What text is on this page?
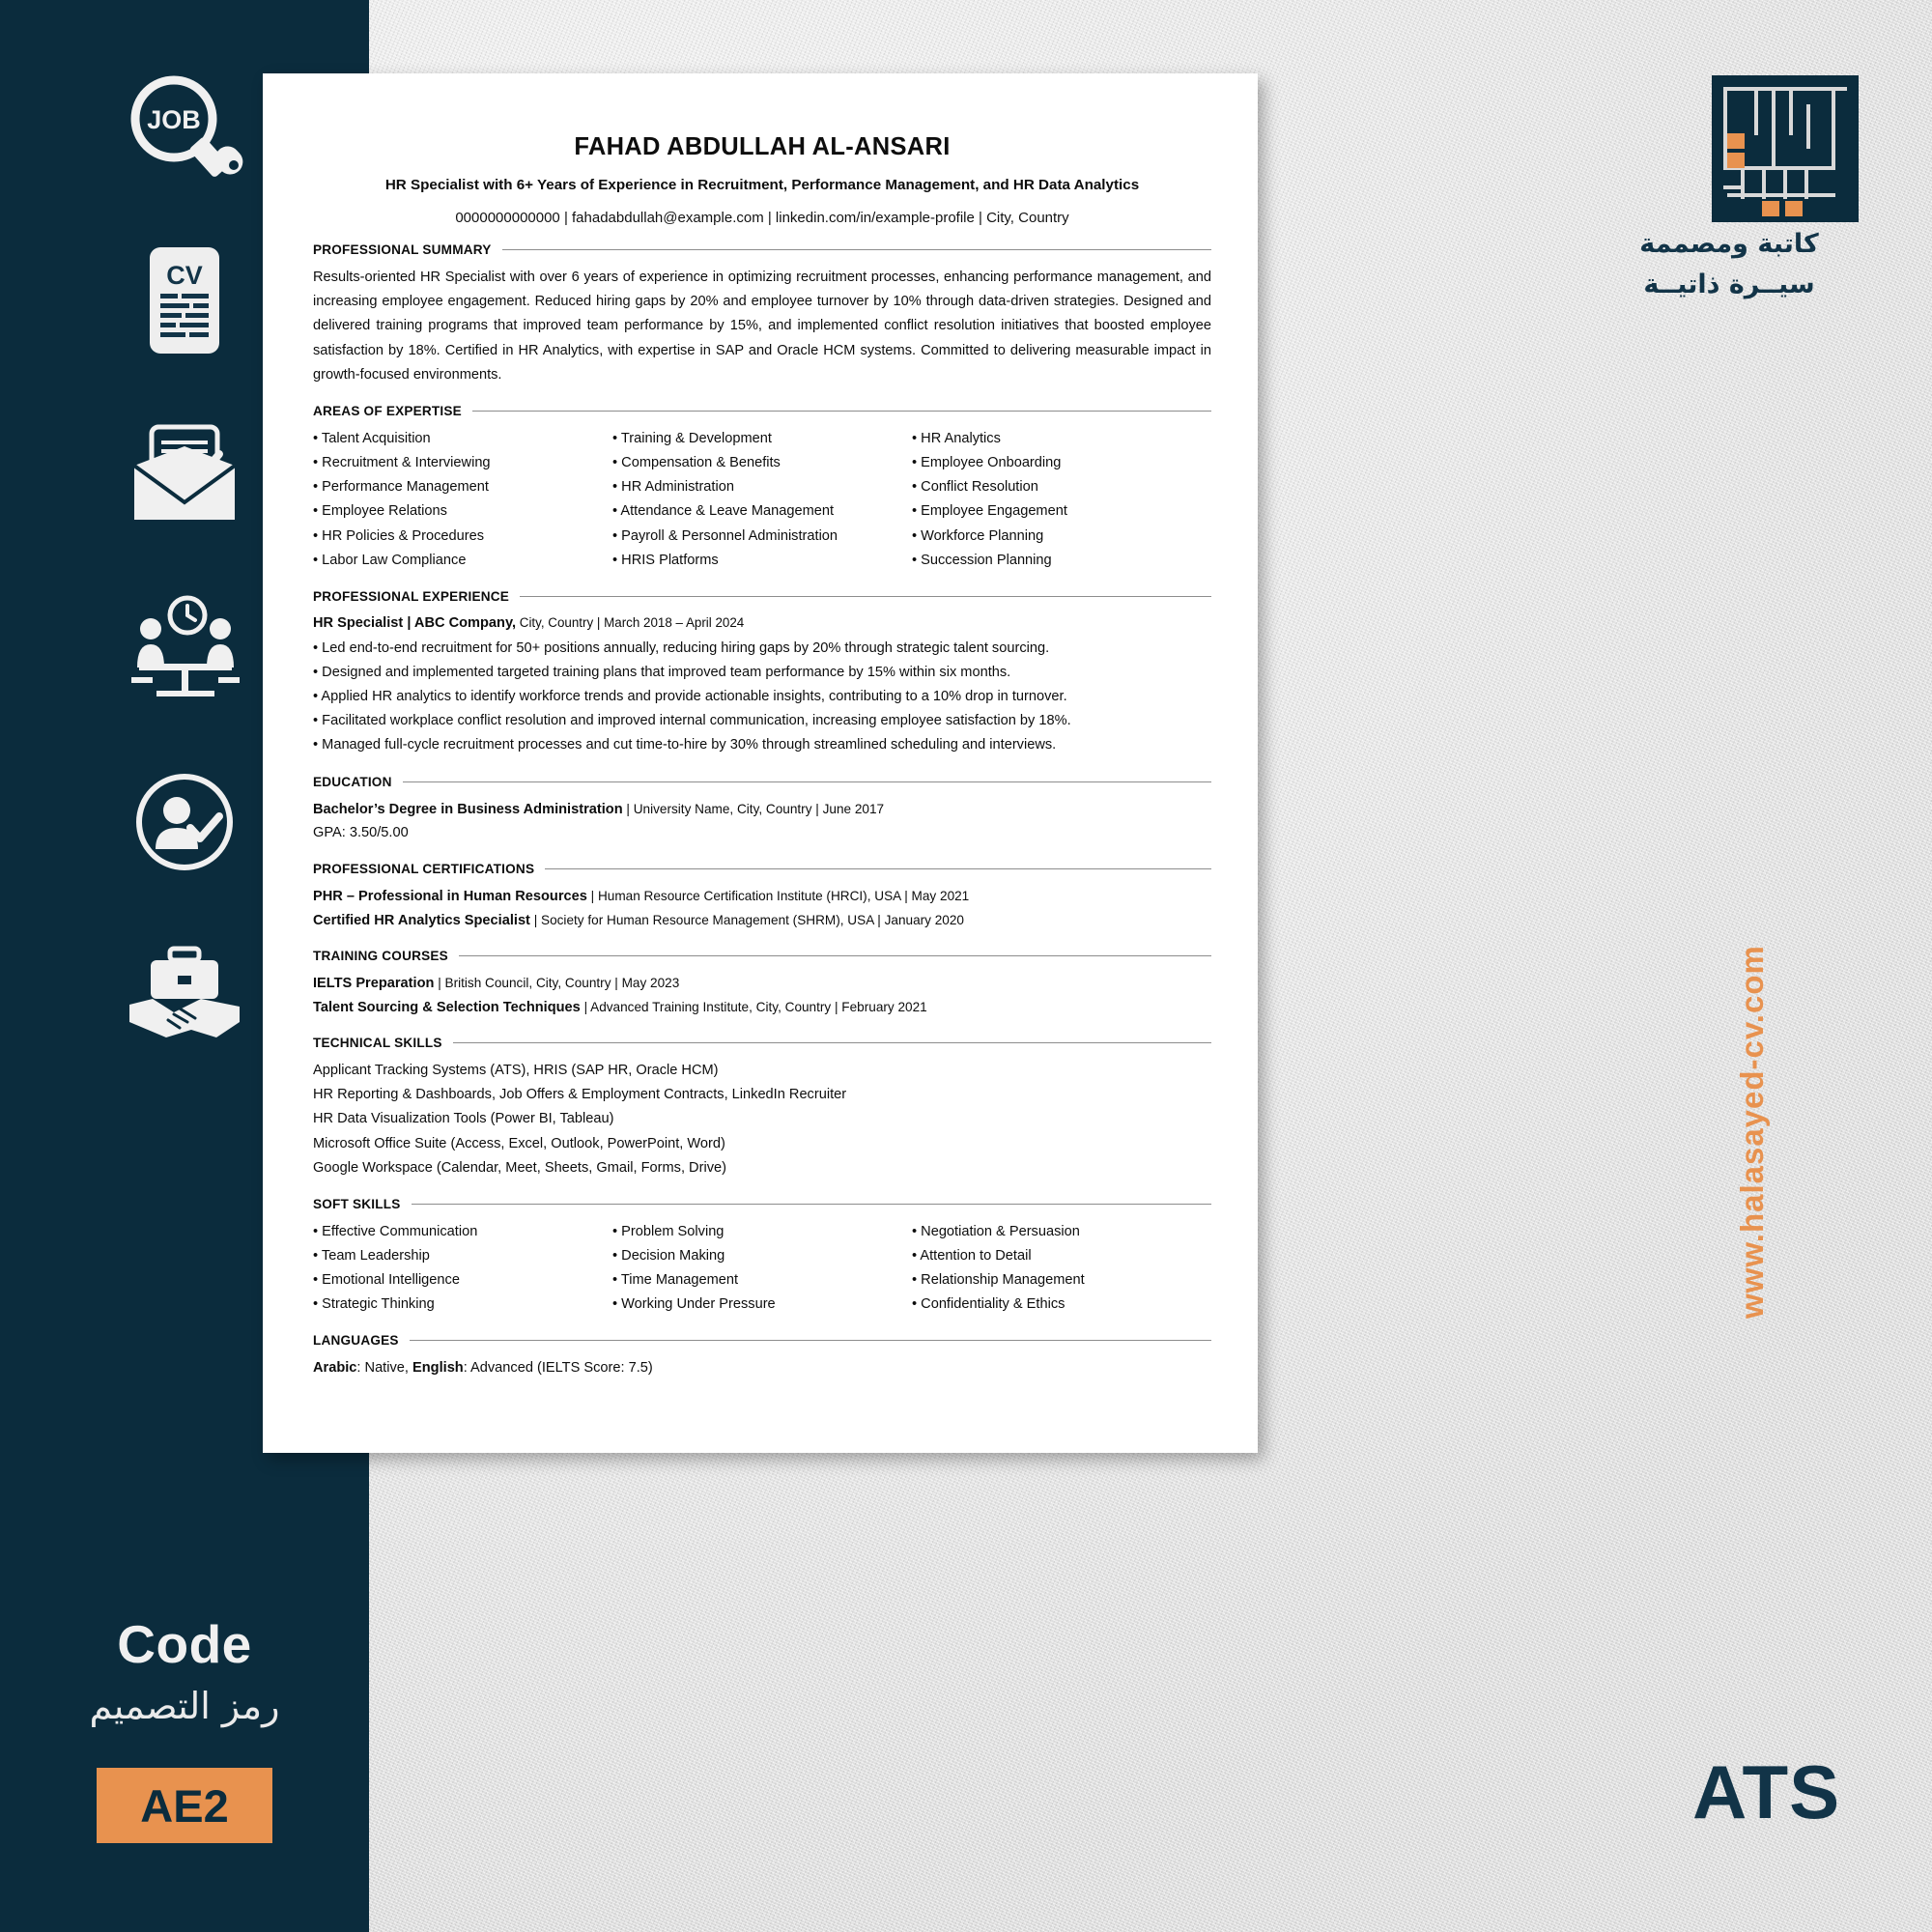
JOB
CV
Code
رمز التصميم
AE2
FAHAD ABDULLAH AL-ANSARI
HR Specialist with 6+ Years of Experience in Recruitment, Performance Management, and HR Data Analytics
0000000000000 | fahadabdullah@example.com | linkedin.com/in/example-profile | City, Country
PROFESSIONAL SUMMARY
Results-oriented HR Specialist with over 6 years of experience in optimizing recruitment processes, enhancing performance management, and increasing employee engagement. Reduced hiring gaps by 20% and employee turnover by 10% through data-driven strategies. Designed and delivered training programs that improved team performance by 15%, and implemented conflict resolution initiatives that boosted employee satisfaction by 18%. Certified in HR Analytics, with expertise in SAP and Oracle HCM systems. Committed to delivering measurable impact in growth-focused environments.
AREAS OF EXPERTISE
• Talent Acquisition	• Training & Development	• HR Analytics
• Recruitment & Interviewing	• Compensation & Benefits	• Employee Onboarding
• Performance Management	• HR Administration	• Conflict Resolution
• Employee Relations	• Attendance & Leave Management	• Employee Engagement
• HR Policies & Procedures	• Payroll & Personnel Administration	• Workforce Planning
• Labor Law Compliance	• HRIS Platforms	• Succession Planning
PROFESSIONAL EXPERIENCE
HR Specialist | ABC Company, City, Country | March 2018 – April 2024
• Led end-to-end recruitment for 50+ positions annually, reducing hiring gaps by 20% through strategic talent sourcing.
• Designed and implemented targeted training plans that improved team performance by 15% within six months.
• Applied HR analytics to identify workforce trends and provide actionable insights, contributing to a 10% drop in turnover.
• Facilitated workplace conflict resolution and improved internal communication, increasing employee satisfaction by 18%.
• Managed full-cycle recruitment processes and cut time-to-hire by 30% through streamlined scheduling and interviews.
EDUCATION
Bachelor’s Degree in Business Administration | University Name, City, Country | June 2017
GPA: 3.50/5.00
PROFESSIONAL CERTIFICATIONS
PHR – Professional in Human Resources | Human Resource Certification Institute (HRCI), USA | May 2021
Certified HR Analytics Specialist | Society for Human Resource Management (SHRM), USA | January 2020
TRAINING COURSES
IELTS Preparation | British Council, City, Country | May 2023
Talent Sourcing & Selection Techniques | Advanced Training Institute, City, Country | February 2021
TECHNICAL SKILLS
Applicant Tracking Systems (ATS), HRIS (SAP HR, Oracle HCM)
HR Reporting & Dashboards, Job Offers & Employment Contracts, LinkedIn Recruiter
HR Data Visualization Tools (Power BI, Tableau)
Microsoft Office Suite (Access, Excel, Outlook, PowerPoint, Word)
Google Workspace (Calendar, Meet, Sheets, Gmail, Forms, Drive)
SOFT SKILLS
• Effective Communication	• Problem Solving	• Negotiation & Persuasion
• Team Leadership	• Decision Making	• Attention to Detail
• Emotional Intelligence	• Time Management	• Relationship Management
• Strategic Thinking	• Working Under Pressure	• Confidentiality & Ethics
LANGUAGES
Arabic: Native, English: Advanced (IELTS Score: 7.5)
كاتبة ومصممة
سيــرة ذاتيــة
www.halasayed-cv.com
ATS
